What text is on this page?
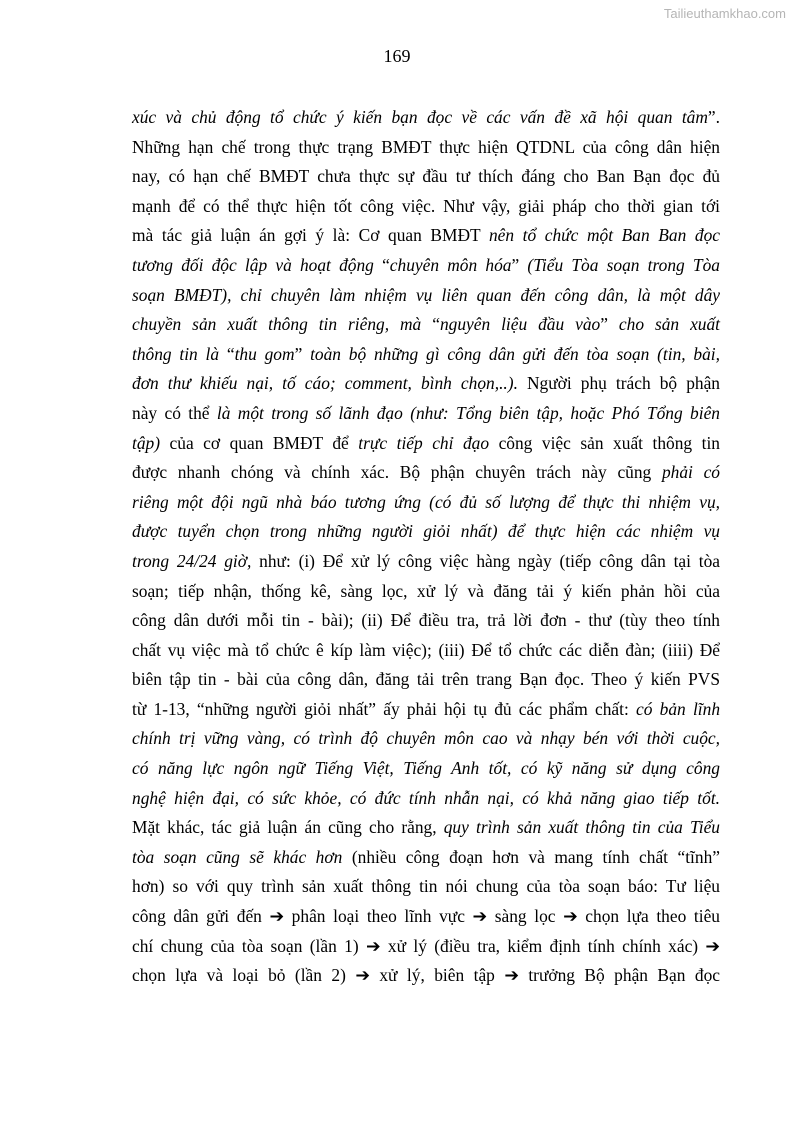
Tailieuthamkhao.com
169
xúc và chủ động tổ chức ý kiến bạn đọc về các vấn đề xã hội quan tâm”.
Những hạn chế trong thực trạng BMĐT thực hiện QTDNL của công dân hiện
nay, có hạn chế BMĐT chưa thực sự đầu tư thích đáng cho Ban Bạn đọc đủ
mạnh để có thể thực hiện tốt công việc. Như vậy, giải pháp cho thời gian tới
mà tác giả luận án gợi ý là: Cơ quan BMĐT nên tổ chức một Ban Ban đọc
tương đối độc lập và hoạt động “chuyên môn hóa” (Tiểu Tòa soạn trong Tòa
soạn BMĐT), chỉ chuyên làm nhiệm vụ liên quan đến công dân, là một dây
chuyền sản xuất thông tin riêng, mà “nguyên liệu đầu vào” cho sản xuất
thông tin là “thu gom” toàn bộ những gì công dân gửi đến tòa soạn (tin, bài,
đơn thư khiếu nại, tố cáo; comment, bình chọn,..). Người phụ trách bộ phận
này có thể là một trong số lãnh đạo (như: Tổng biên tập, hoặc Phó Tổng biên
tập) của cơ quan BMĐT để trực tiếp chỉ đạo công việc sản xuất thông tin
được nhanh chóng và chính xác. Bộ phận chuyên trách này cũng phải có
riêng một đội ngũ nhà báo tương ứng (có đủ số lượng để thực thi nhiệm vụ,
được tuyển chọn trong những người giỏi nhất) để thực hiện các nhiệm vụ
trong 24/24 giờ, như: (i) Để xử lý công việc hàng ngày (tiếp công dân tại tòa
soạn; tiếp nhận, thống kê, sàng lọc, xử lý và đăng tải ý kiến phản hồi của
công dân dưới mỗi tin - bài); (ii) Để điều tra, trả lời đơn - thư (tùy theo tính
chất vụ việc mà tổ chức ê kíp làm việc); (iii) Để tổ chức các diễn đàn; (iiii) Để
biên tập tin - bài của công dân, đăng tải trên trang Bạn đọc. Theo ý kiến PVS
từ 1-13, “những người giỏi nhất” ấy phải hội tụ đủ các phẩm chất: có bản lĩnh
chính trị vững vàng, có trình độ chuyên môn cao và nhạy bén với thời cuộc,
có năng lực ngôn ngữ Tiếng Việt, Tiếng Anh tốt, có kỹ năng sử dụng công
nghệ hiện đại, có sức khỏe, có đức tính nhẫn nại, có khả năng giao tiếp tốt.
Mặt khác, tác giả luận án cũng cho rằng, quy trình sản xuất thông tin của Tiểu
tòa soạn cũng sẽ khác hơn (nhiều công đoạn hơn và mang tính chất “tĩnh”
hơn) so với quy trình sản xuất thông tin nói chung của tòa soạn báo: Tư liệu
công dân gửi đến ➔ phân loại theo lĩnh vực ➔ sàng lọc ➔ chọn lựa theo tiêu
chí chung của tòa soạn (lần 1) ➔ xử lý (điều tra, kiểm định tính chính xác) ➔
chọn lựa và loại bỏ (lần 2) ➔ xử lý, biên tập ➔ trưởng Bộ phận Bạn đọc
